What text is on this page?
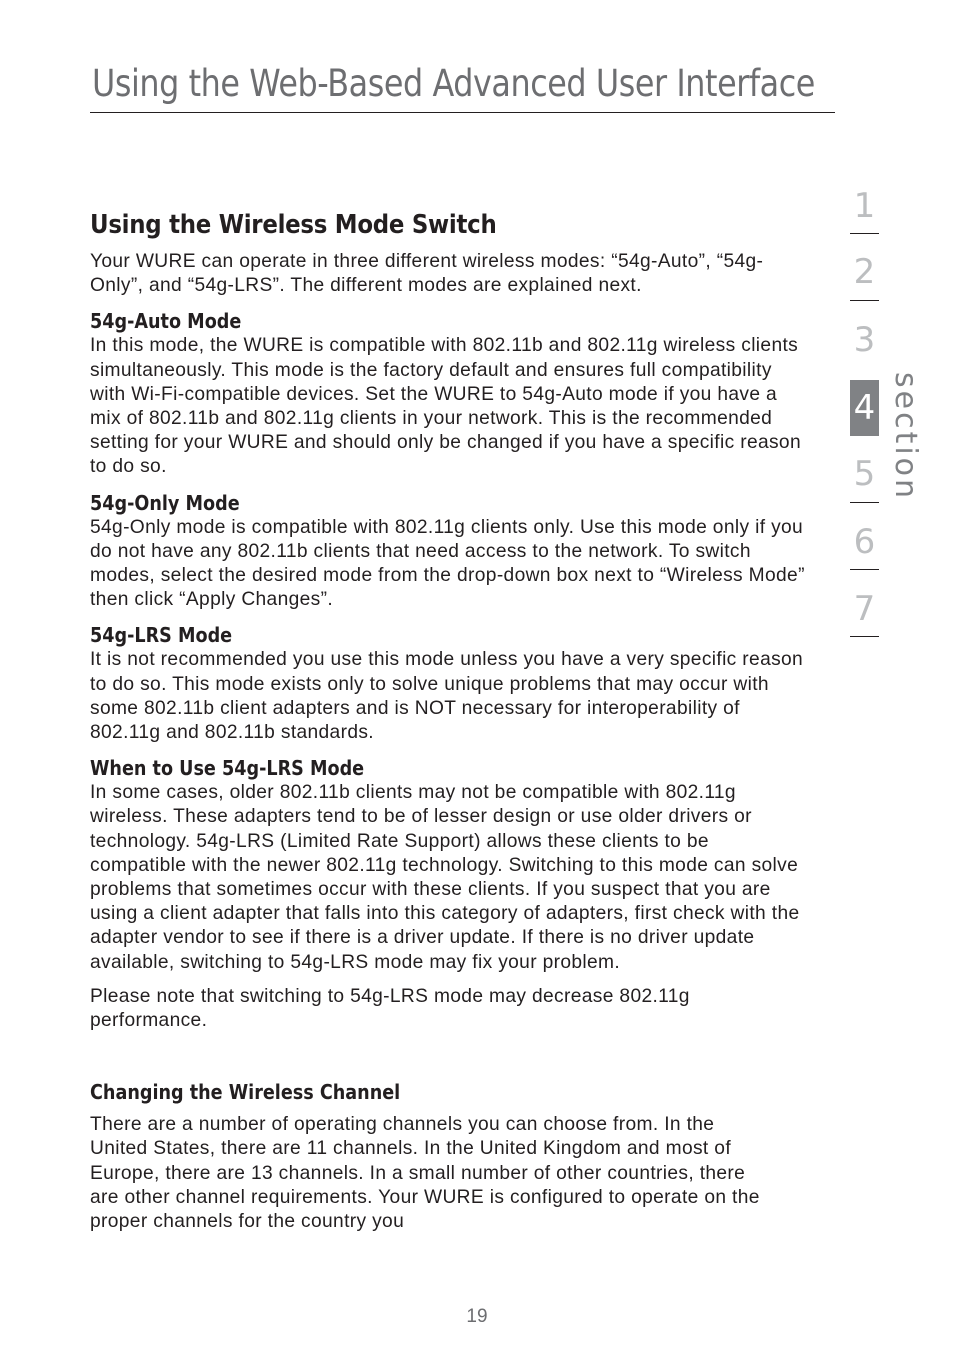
Using the Web-Based Advanced User Interface
1
2
3
4
5
6
7
section
Using the Wireless Mode Switch

Your WURE can operate in three different wireless modes: “54g-Auto”, “54g-Only”, and “54g-LRS”. The different modes are explained next.

54g-Auto Mode

In this mode, the WURE is compatible with 802.11b and 802.11g wireless clients simultaneously. This mode is the factory default and ensures full compatibility with Wi-Fi-compatible devices. Set the WURE to 54g-Auto mode if you have a mix of 802.11b and 802.11g clients in your network. This is the recommended setting for your WURE and should only be changed if you have a specific reason to do so.

54g-Only Mode

54g-Only mode is compatible with 802.11g clients only. Use this mode only if you do not have any 802.11b clients that need access to the network. To switch modes, select the desired mode from the drop-down box next to “Wireless Mode” then click “Apply Changes”.

54g-LRS Mode

It is not recommended you use this mode unless you have a very specific reason to do so. This mode exists only to solve unique problems that may occur with some 802.11b client adapters and is NOT necessary for interoperability of 802.11g and 802.11b standards.

When to Use 54g-LRS Mode

In some cases, older 802.11b clients may not be compatible with 802.11g wireless. These adapters tend to be of lesser design or use older drivers or technology. 54g-LRS (Limited Rate Support) allows these clients to be compatible with the newer 802.11g technology. Switching to this mode can solve problems that sometimes occur with these clients. If you suspect that you are using a client adapter that falls into this category of adapters, first check with the adapter vendor to see if there is a driver update. If there is no driver update available, switching to 54g-LRS mode may fix your problem.

Please note that switching to 54g-LRS mode may decrease 802.11g performance.

Changing the Wireless Channel

There are a number of operating channels you can choose from. In the United States, there are 11 channels. In the United Kingdom and most of Europe, there are 13 channels. In a small number of other countries, there are other channel requirements. Your WURE is configured to operate on the proper channels for the country you

19
